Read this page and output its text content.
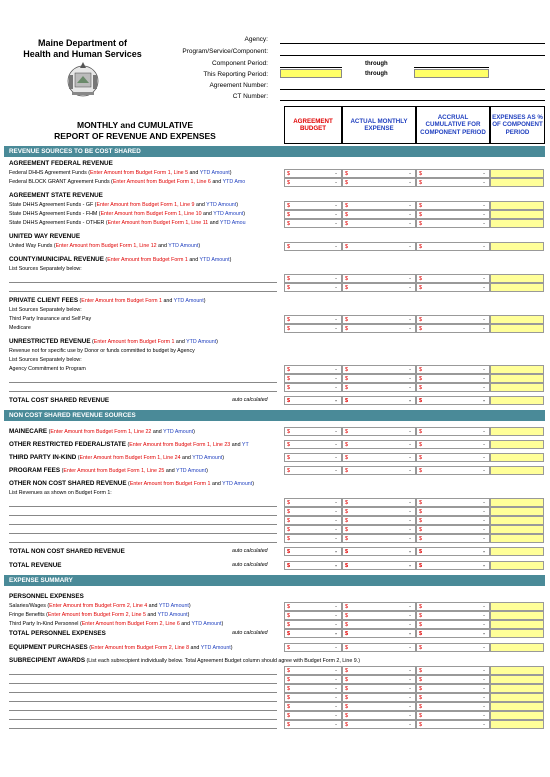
Maine Department of
Health and Human Services
Agency:
Program/Service/Component:
Component Period:	through
This Reporting Period:	through
Agreement Number:
CT Number:
MONTHLY and CUMULATIVE
REPORT OF REVENUE AND EXPENSES
AGREEMENT BUDGET
ACTUAL MONTHLY EXPENSE
ACCRUAL CUMULATIVE FOR COMPONENT PERIOD
EXPENSES AS % OF COMPONENT PERIOD
REVENUE SOURCES TO BE COST SHARED
AGREEMENT FEDERAL REVENUE
Federal DHHS Agreement Funds (Enter Amount from Budget Form 1, Line 5 and YTD Amount)	$	- $	- $	-
Federal BLOCK GRANT Agreement Funds (Enter Amount from Budget Form 1, Line 6 and YTD Amo	$	- $	- $	-
AGREEMENT STATE REVENUE
State DHHS Agreement Funds - GF (Enter Amount from Budget Form 1, Line 9 and YTD Amount)	$	- $	- $	-
State DHHS Agreement Funds - FHM (Enter Amount from Budget Form 1, Line 10 and YTD Amount)	$	- $	- $	-
State DHHS Agreement Funds - OTHER (Enter Amount from Budget Form 1, Line 11 and YTD Amou	$	- $	- $	-
UNITED WAY REVENUE
United Way Funds (Enter Amount from Budget Form 1, Line 12 and YTD Amount)	$	- $	- $	-
COUNTY/MUNICIPAL REVENUE (Enter Amount from Budget Form 1 and YTD Amount)
List Sources Separately below:
$	- $	- $	-
$	- $	- $	-
PRIVATE CLIENT FEES (Enter Amount from Budget Form 1 and YTD Amount)
List Sources Separately below:
Third Party Insurance and Self Pay	$	- $	- $	-
Medicare	$	- $	- $	-
UNRESTRICTED REVENUE (Enter Amount from Budget Form 1 and YTD Amount)
Revenue not for specific use by Donor or funds committed to budget by Agency
List Sources Separately below:
Agency Commitment to Program	$	- $	- $	-
$	- $	- $	-
$	- $	- $	-
TOTAL COST SHARED REVENUE	auto calculated	$	- $	- $	-
NON COST SHARED REVENUE SOURCES
MAINECARE (Enter Amount from Budget Form 1, Line 22 and YTD Amount)	$	- $	- $	-
OTHER RESTRICTED FEDERAL/STATE (Enter Amount from Budget Form 1, Line 23 and YT	$	- $	- $	-
THIRD PARTY IN-KIND (Enter Amount from Budget Form 1, Line 24 and YTD Amount)	$	- $	- $	-
PROGRAM FEES (Enter Amount from Budget Form 1, Line 25 and YTD Amount)	$	- $	- $	-
OTHER NON COST SHARED REVENUE (Enter Amount from Budget Form 1 and YTD Amount)
List Revenues as shown on Budget Form 1:
$	- $	- $	-
$	- $	- $	-
$	- $	- $	-
$	- $	- $	-
$	- $	- $	-
TOTAL NON COST SHARED REVENUE	auto calculated	$	- $	- $	-
TOTAL REVENUE	auto calculated	$	- $	- $	-
EXPENSE SUMMARY
PERSONNEL EXPENSES
Salaries/Wages (Enter Amount from Budget Form 2, Line 4 and YTD Amount)	$	- $	- $	-
Fringe Benefits (Enter Amount from Budget Form 2, Line 5 and YTD Amount)	$	- $	- $	-
Third Party In-Kind Personnel (Enter Amount from Budget Form 2, Line 6 and YTD Amount)	$	- $	- $	-
TOTAL PERSONNEL EXPENSES	auto calculated	$	- $	- $	-
EQUIPMENT PURCHASES (Enter Amount from Budget Form 2, Line 8 and YTD Amount)	$	- $	- $	-
SUBRECIPIENT AWARDS (List each subrecipient individually below. Total Agreement Budget column should agree with Budget Form 2, Line 9.)
$	- $	- $	-
$	- $	- $	-
$	- $	- $	-
$	- $	- $	-
$	- $	- $	-
$	- $	- $	-
$	- $	- $	-
